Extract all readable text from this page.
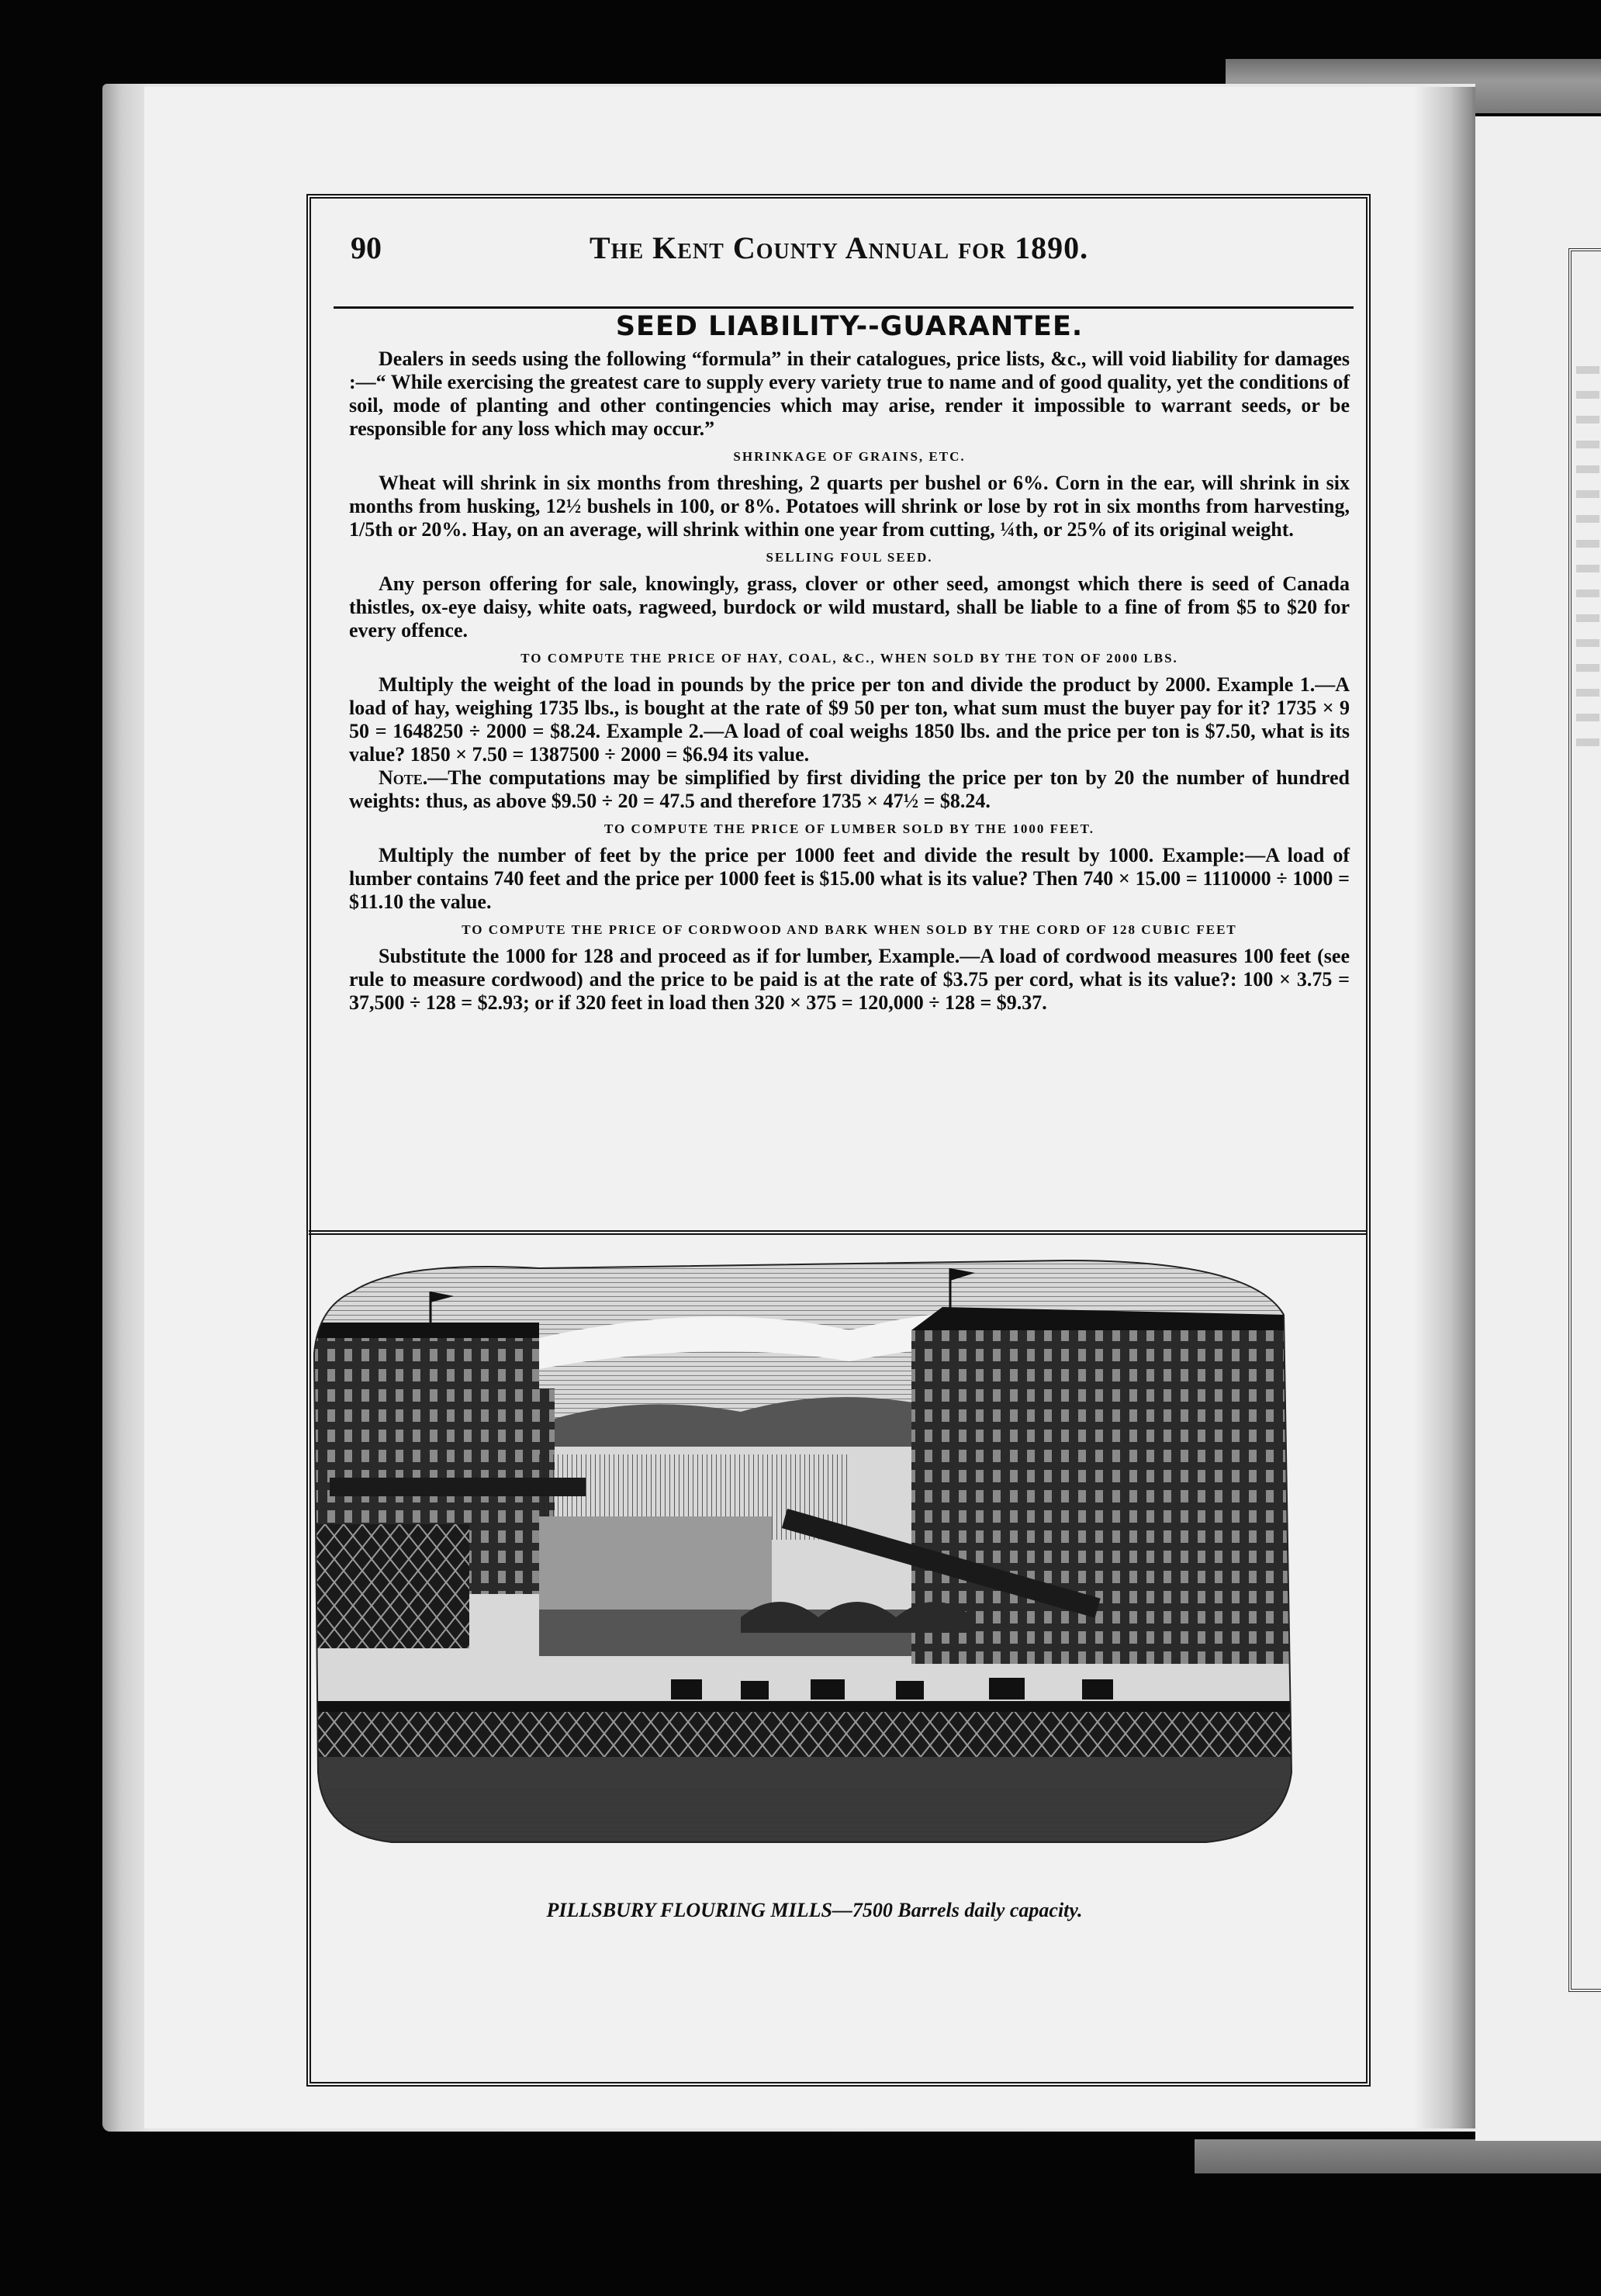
90	The Kent County Annual for 1890.
SEED LIABILITY--GUARANTEE.

Dealers in seeds using the following “formula” in their catalogues, price lists, &c., will void liability for damages :—“ While exercising the greatest care to supply every variety true to name and of good quality, yet the conditions of soil, mode of planting and other contingencies which may arise, render it impossible to warrant seeds, or be responsible for any loss which may occur.”

SHRINKAGE OF GRAINS, ETC.

Wheat will shrink in six months from threshing, 2 quarts per bushel or 6%. Corn in the ear, will shrink in six months from husking, 12½ bushels in 100, or 8%. Potatoes will shrink or lose by rot in six months from harvesting, 1/5th or 20%. Hay, on an average, will shrink within one year from cutting, ¼th, or 25% of its original weight.

SELLING FOUL SEED.

Any person offering for sale, knowingly, grass, clover or other seed, amongst which there is seed of Canada thistles, ox-eye daisy, white oats, ragweed, burdock or wild mustard, shall be liable to a fine of from $5 to $20 for every offence.

TO COMPUTE THE PRICE OF HAY, COAL, &C., WHEN SOLD BY THE TON OF 2000 LBS.

Multiply the weight of the load in pounds by the price per ton and divide the product by 2000. Example 1.—A load of hay, weighing 1735 lbs., is bought at the rate of $9 50 per ton, what sum must the buyer pay for it? 1735 × 9 50 = 1648250 ÷ 2000 = $8.24. Example 2.—A load of coal weighs 1850 lbs. and the price per ton is $7.50, what is its value? 1850 × 7.50 = 1387500 ÷ 2000 = $6.94 its value.

Note.—The computations may be simplified by first dividing the price per ton by 20 the number of hundred weights: thus, as above $9.50 ÷ 20 = 47.5 and therefore 1735 × 47½ = $8.24.

TO COMPUTE THE PRICE OF LUMBER SOLD BY THE 1000 FEET.

Multiply the number of feet by the price per 1000 feet and divide the result by 1000. Example:—A load of lumber contains 740 feet and the price per 1000 feet is $15.00 what is its value? Then 740 × 15.00 = 1110000 ÷ 1000 = $11.10 the value.

TO COMPUTE THE PRICE OF CORDWOOD AND BARK WHEN SOLD BY THE CORD OF 128 CUBIC FEET

Substitute the 1000 for 128 and proceed as if for lumber, Example.—A load of cordwood measures 100 feet (see rule to measure cordwood) and the price to be paid is at the rate of $3.75 per cord, what is its value?: 100 × 3.75 = 37,500 ÷ 128 = $2.93; or if 320 feet in load then 320 × 375 = 120,000 ÷ 128 = $9.37.

PILLSBURY FLOURING MILLS—7500 Barrels daily capacity.
